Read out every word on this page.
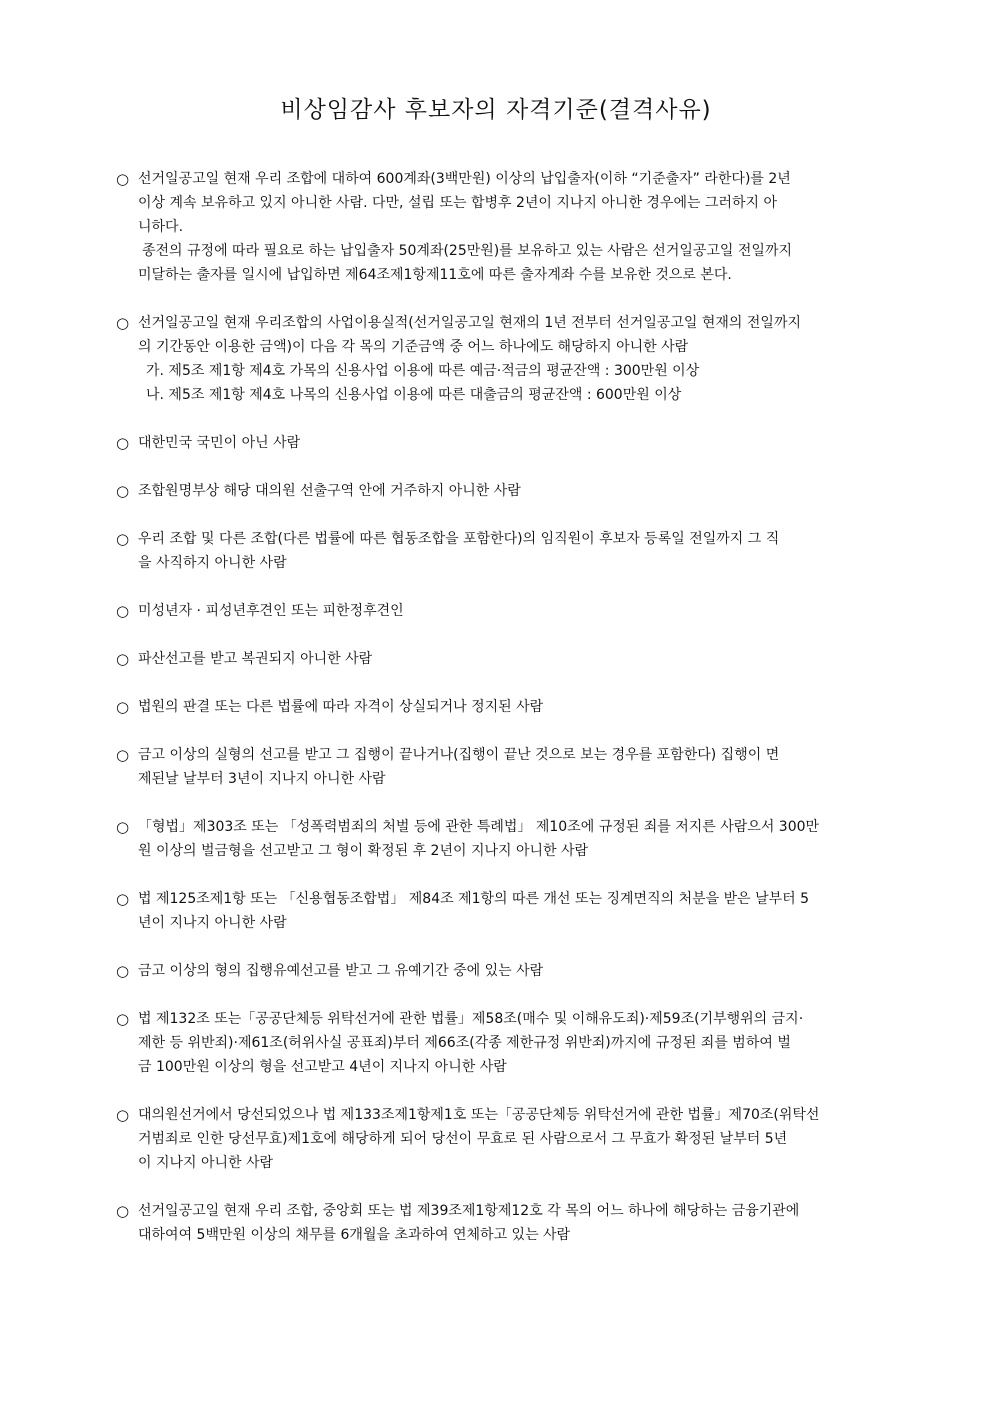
비상임감사 후보자의 자격기준(결격사유)
○ 선거일공고일 현재 우리 조합에 대하여 600계좌(3백만원) 이상의 납입출자(이하 “기준출자” 라한다)를 2년
이상 계속 보유하고 있지 아니한 사람. 다만, 설립 또는 합병후 2년이 지나지 아니한 경우에는 그러하지 아
니하다.
종전의 규정에 따라 필요로 하는 납입출자 50계좌(25만원)를 보유하고 있는 사람은 선거일공고일 전일까지
미달하는 출자를 일시에 납입하면 제64조제1항제11호에 따른 출자계좌 수를 보유한 것으로 본다.
○ 선거일공고일 현재 우리조합의 사업이용실적(선거일공고일 현재의 1년 전부터 선거일공고일 현재의 전일까지
의 기간동안 이용한 금액)이 다음 각 목의 기준금액 중 어느 하나에도 해당하지 아니한 사람
가. 제5조 제1항 제4호 가목의 신용사업 이용에 따른 예금·적금의 평균잔액 : 300만원 이상
나. 제5조 제1항 제4호 나목의 신용사업 이용에 따른 대출금의 평균잔액 : 600만원 이상
○ 대한민국 국민이 아닌 사람
○ 조합원명부상 해당 대의원 선출구역 안에 거주하지 아니한 사람
○ 우리 조합 및 다른 조합(다른 법률에 따른 협동조합을 포함한다)의 임직원이 후보자 등록일 전일까지 그 직
을 사직하지 아니한 사람
○ 미성년자 · 피성년후견인 또는 피한정후견인
○ 파산선고를 받고 복권되지 아니한 사람
○ 법원의 판결 또는 다른 법률에 따라 자격이 상실되거나 정지된 사람
○ 금고 이상의 실형의 선고를 받고 그 집행이 끝나거나(집행이 끝난 것으로 보는 경우를 포함한다) 집행이 면
제된날 날부터 3년이 지나지 아니한 사람
○ 「형법」제303조 또는 「성폭력범죄의 처벌 등에 관한 특례법」 제10조에 규정된 죄를 저지른 사람으서 300만
원 이상의 벌금형을 선고받고 그 형이 확정된 후 2년이 지나지 아니한 사람
○ 법 제125조제1항 또는 「신용협동조합법」 제84조 제1항의 따른 개선 또는 징계면직의 처분을 받은 날부터 5
년이 지나지 아니한 사람
○ 금고 이상의 형의 집행유예선고를 받고 그 유예기간 중에 있는 사람
○ 법 제132조 또는「공공단체등 위탁선거에 관한 법률」제58조(매수 및 이해유도죄)·제59조(기부행위의 금지·
제한 등 위반죄)·제61조(허위사실 공표죄)부터 제66조(각종 제한규정 위반죄)까지에 규정된 죄를 범하여 벌
금 100만원 이상의 형을 선고받고 4년이 지나지 아니한 사람
○ 대의원선거에서 당선되었으나 법 제133조제1항제1호 또는「공공단체등 위탁선거에 관한 법률」제70조(위탁선
거범죄로 인한 당선무효)제1호에 해당하게 되어 당선이 무효로 된 사람으로서 그 무효가 확정된 날부터 5년
이 지나지 아니한 사람
○ 선거일공고일 현재 우리 조합, 중앙회 또는 법 제39조제1항제12호 각 목의 어느 하나에 해당하는 금융기관에
대하여여 5백만원 이상의 채무를 6개월을 초과하여 연체하고 있는 사람
